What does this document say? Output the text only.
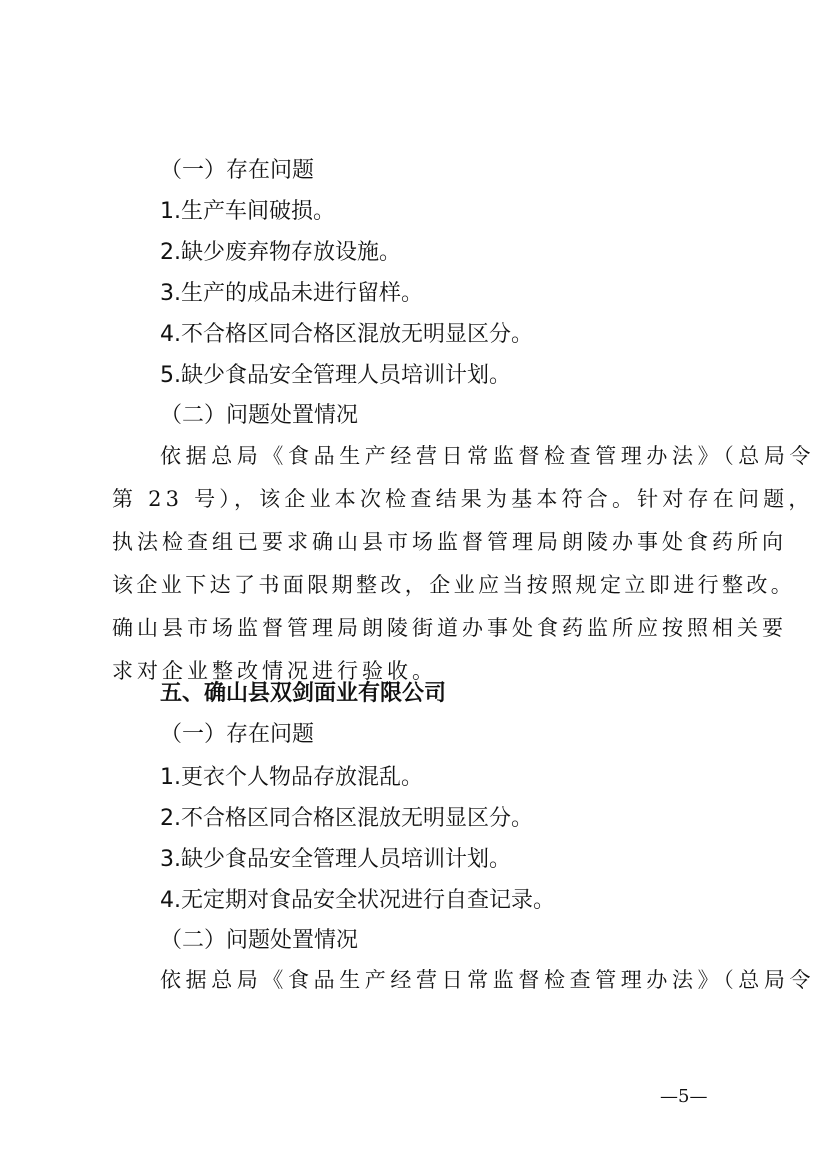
（一）存在问题
1.生产车间破损。
2.缺少废弃物存放设施。
3.生产的成品未进行留样。
4.不合格区同合格区混放无明显区分。
5.缺少食品安全管理人员培训计划。
（二）问题处置情况
依据总局《食品生产经营日常监督检查管理办法》（总局令
第 23 号），该企业本次检查结果为基本符合。针对存在问题，
执法检查组已要求确山县市场监督管理局朗陵办事处食药所向
该企业下达了书面限期整改，企业应当按照规定立即进行整改。
确山县市场监督管理局朗陵街道办事处食药监所应按照相关要
求对企业整改情况进行验收。
五、确山县双剑面业有限公司
（一）存在问题
1.更衣个人物品存放混乱。
2.不合格区同合格区混放无明显区分。
3.缺少食品安全管理人员培训计划。
4.无定期对食品安全状况进行自查记录。
（二）问题处置情况
依据总局《食品生产经营日常监督检查管理办法》（总局令
—5—
